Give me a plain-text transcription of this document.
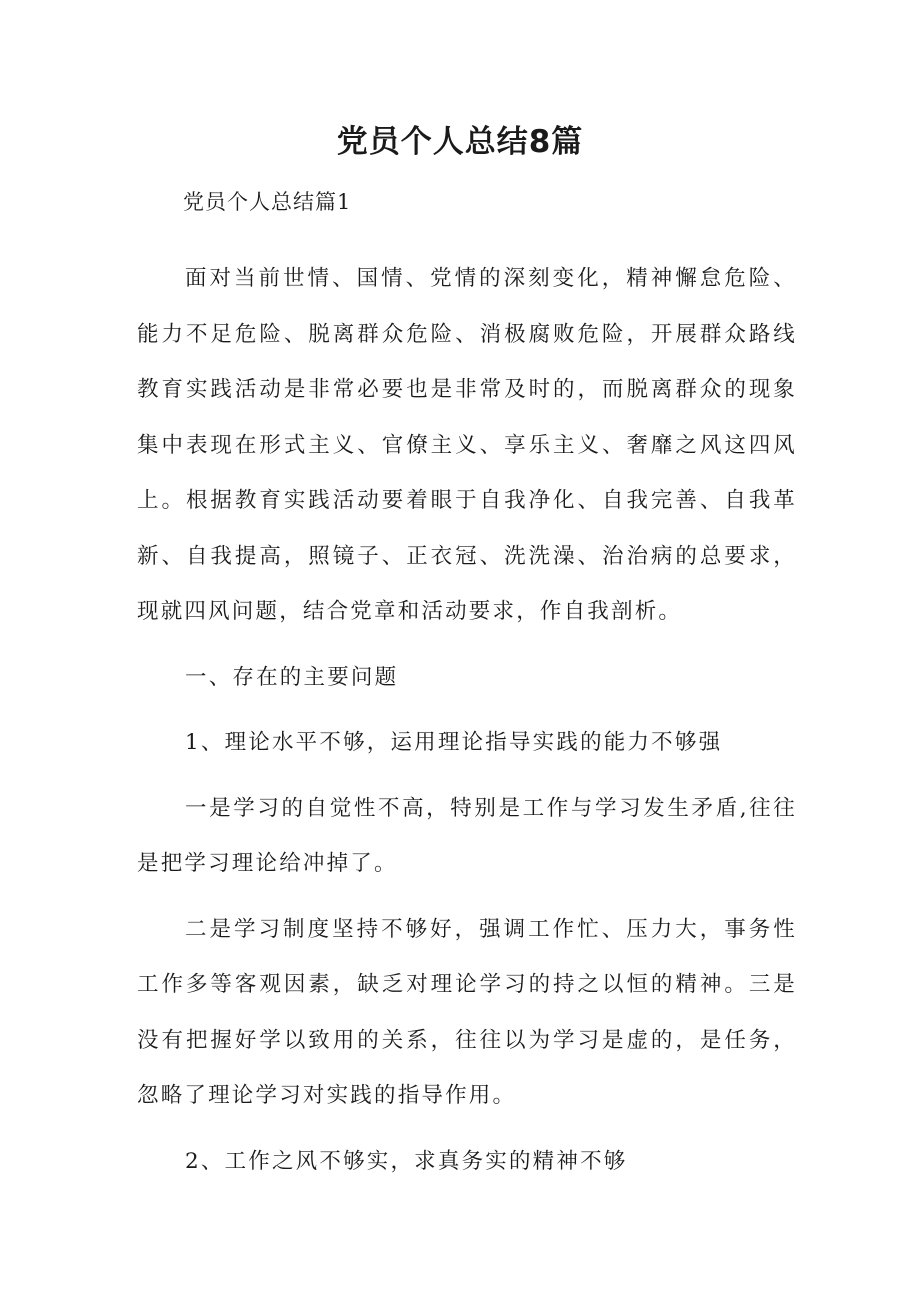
党员个人总结8篇

党员个人总结篇1

面对当前世情、国情、党情的深刻变化，精神懈怠危险、能力不足危险、脱离群众危险、消极腐败危险，开展群众路线教育实践活动是非常必要也是非常及时的，而脱离群众的现象集中表现在形式主义、官僚主义、享乐主义、奢靡之风这四风上。根据教育实践活动要着眼于自我净化、自我完善、自我革新、自我提高，照镜子、正衣冠、洗洗澡、治治病的总要求，现就四风问题，结合党章和活动要求，作自我剖析。

一、存在的主要问题

1、理论水平不够，运用理论指导实践的能力不够强

一是学习的自觉性不高，特别是工作与学习发生矛盾,往往是把学习理论给冲掉了。

二是学习制度坚持不够好，强调工作忙、压力大，事务性工作多等客观因素，缺乏对理论学习的持之以恒的精神。三是没有把握好学以致用的关系，往往以为学习是虚的，是任务，忽略了理论学习对实践的指导作用。

2、工作之风不够实，求真务实的精神不够
